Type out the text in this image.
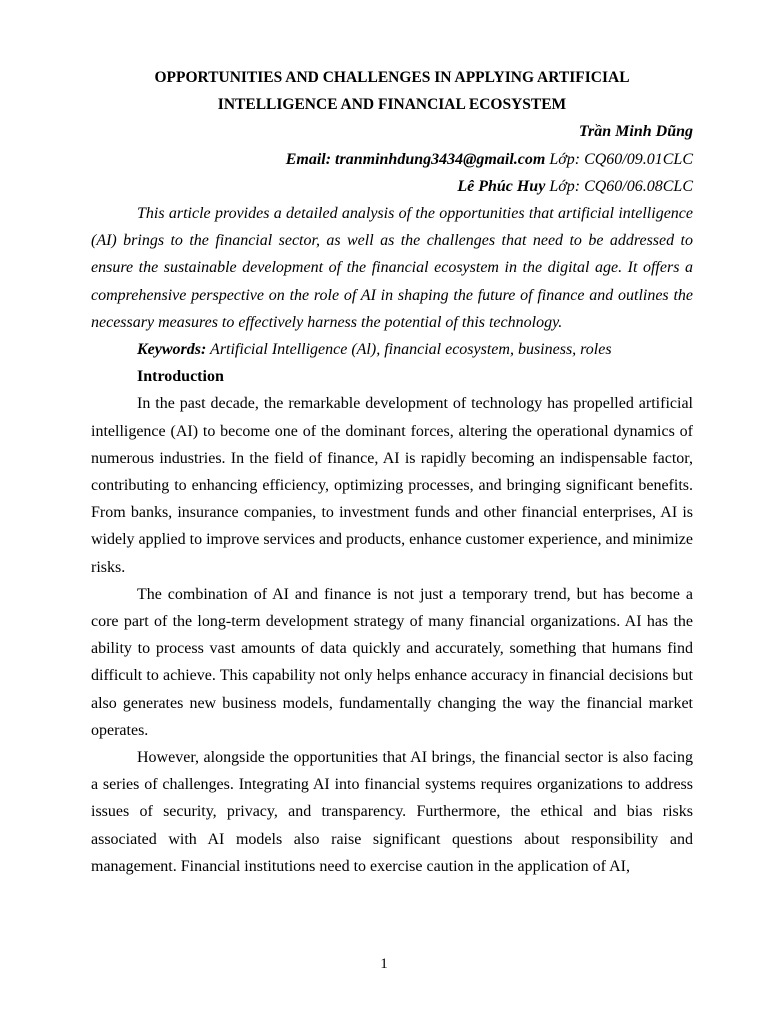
OPPORTUNITIES AND CHALLENGES IN APPLYING ARTIFICIAL
INTELLIGENCE AND FINANCIAL ECOSYSTEM
Trần Minh Dũng
Email: tranminhdung3434@gmail.com Lớp: CQ60/09.01CLC
Lê Phúc Huy Lớp: CQ60/06.08CLC

This article provides a detailed analysis of the opportunities that artificial intelligence (AI) brings to the financial sector, as well as the challenges that need to be addressed to ensure the sustainable development of the financial ecosystem in the digital age. It offers a comprehensive perspective on the role of AI in shaping the future of finance and outlines the necessary measures to effectively harness the potential of this technology.

Keywords: Artificial Intelligence (Al), financial ecosystem, business, roles

Introduction

In the past decade, the remarkable development of technology has propelled artificial intelligence (AI) to become one of the dominant forces, altering the operational dynamics of numerous industries. In the field of finance, AI is rapidly becoming an indispensable factor, contributing to enhancing efficiency, optimizing processes, and bringing significant benefits. From banks, insurance companies, to investment funds and other financial enterprises, AI is widely applied to improve services and products, enhance customer experience, and minimize risks.

The combination of AI and finance is not just a temporary trend, but has become a core part of the long-term development strategy of many financial organizations. AI has the ability to process vast amounts of data quickly and accurately, something that humans find difficult to achieve. This capability not only helps enhance accuracy in financial decisions but also generates new business models, fundamentally changing the way the financial market operates.

However, alongside the opportunities that AI brings, the financial sector is also facing a series of challenges. Integrating AI into financial systems requires organizations to address issues of security, privacy, and transparency. Furthermore, the ethical and bias risks associated with AI models also raise significant questions about responsibility and management. Financial institutions need to exercise caution in the application of AI,

1
